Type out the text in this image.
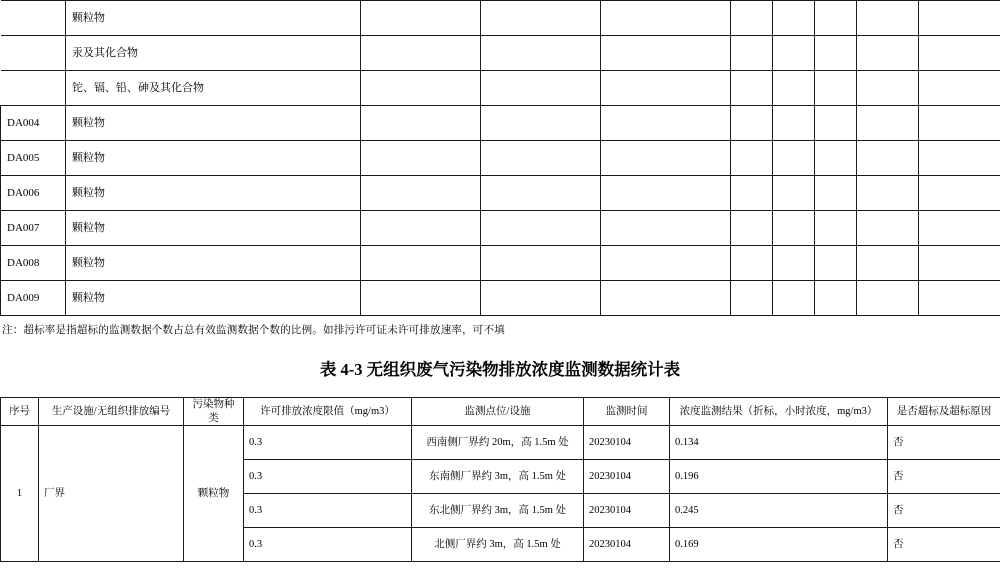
	颗粒物								
	汞及其化合物								
	铊、镉、铅、砷及其化合物								
DA004	颗粒物								
DA005	颗粒物								
DA006	颗粒物								
DA007	颗粒物								
DA008	颗粒物								
DA009	颗粒物								
注：超标率是指超标的监测数据个数占总有效监测数据个数的比例。如排污许可证未许可排放速率，可不填
表 4-3 无组织废气污染物排放浓度监测数据统计表
序号	生产设施/无组织排放编号	污染物种类	许可排放浓度限值（mg/m3）	监测点位/设施	监测时间	浓度监测结果（折标，小时浓度，mg/m3）	是否超标及超标原因
1	厂界	颗粒物	0.3	西南侧厂界约 20m，高 1.5m 处	20230104	0.134	否
			0.3	东南侧厂界约 3m，高 1.5m 处	20230104	0.196	否
			0.3	东北侧厂界约 3m，高 1.5m 处	20230104	0.245	否
			0.3	北侧厂界约 3m，高 1.5m 处	20230104	0.169	否
